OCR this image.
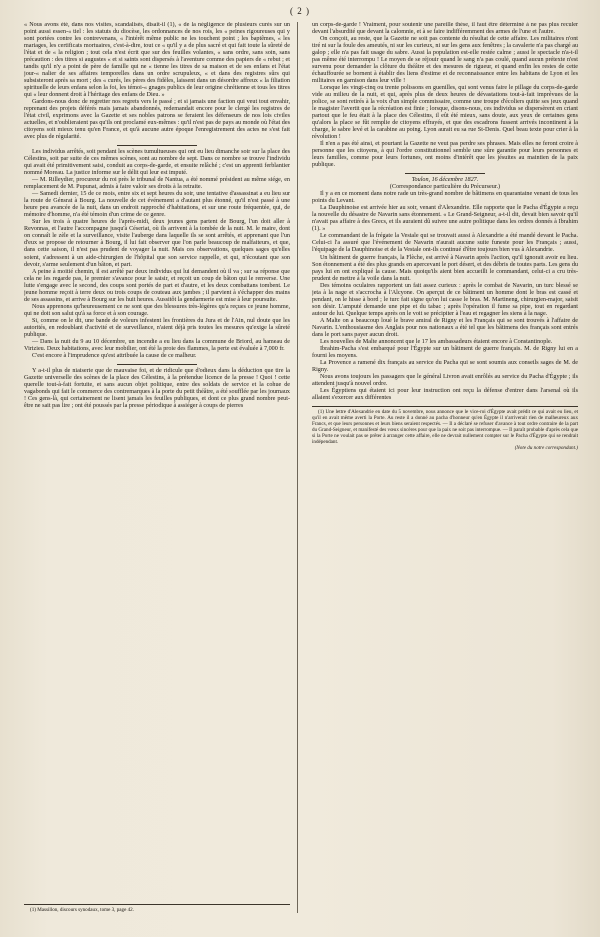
( 2 )

« Nous avons été, dans nos visites, scandalisés, disait-il (1), « de la négligence de plusieurs curés sur un point aussi essen-« tiel : les statuts du diocèse, les ordonnances de nos rois, les « peines rigoureuses qui y sont portées contre les contrevenans, « l'intérêt même public ne les touchent point ; les baptêmes, « les mariages, les certificats mortuaires, c'est-à-dire, tout ce « qu'il y a de plus sacré et qui fait toute la sûreté de l'état et de « la religion ; tout cela n'est écrit que sur des feuilles volantes, « sans ordre, sans soin, sans précaution : des titres si augustes « et si saints sont dispersés à l'aventure comme des papiers de « rebut ; et tandis qu'il n'y a point de père de famille qui ne « tienne les titres de sa maison et de ses enfans et l'état jour-« nalier de ses affaires temporelles dans un ordre scrupuleux, « et dans des registres sûrs qui subsisteront après sa mort ; des « curés, les pères des fidèles, laissent dans un désordre affreux « la filiation spirituelle de leurs enfans selon la foi, les témoi-« gnages publics de leur origine chrétienne et tous les titres qui « leur donnent droit à l'héritage des enfans de Dieu. »

Gardons-nous donc de regretter nos regrets vers le passé ; et si jamais une faction qui veut tout envahir, reprenant des projets déférés mais jamais abandonnés, redemandait encore pour le clergé les registres de l'état civil, exprimons avec la Gazette et ses nobles patrons se feraient les défenseurs de nos lois civiles actuelles, et n'oublieraient pas qu'ils ont proclamé eux-mêmes : qu'il n'est pas de pays au monde où l'état des citoyens soit mieux tenu qu'en France, et qu'à aucune autre époque l'enregistrement des actes ne s'est fait avec plus de régularité.

Les individus arrêtés, soit pendant les scènes tumultueuses qui ont eu lieu dimanche soir sur la place des Célestins, soit par suite de ces mêmes scènes, sont au nombre de sept. Dans ce nombre se trouve l'individu qui avait été primitivement saisi, conduit au corps-de-garde, et ensuite relâché ; c'est un apprenti ferblantier nommé Moreau. La justice informe sur le délit qui leur est imputé.

— M. Rilleydier, procureur du roi près le tribunal de Nantua, a été nommé président au même siége, en remplacement de M. Pupunat, admis à faire valoir ses droits à la retraite.

— Samedi dernier, 15 de ce mois, entre six et sept heures du soir, une tentative d'assassinat a eu lieu sur la route de Génsrat à Bourg. La nouvelle de cet événement a d'autant plus étonné, qu'il n'est passé à une heure peu avancée de la nuit, dans un endroit rapproché d'habitations, et sur une route fréquentée, qui, de mémoire d'homme, n'a été témoin d'un crime de ce genre.

Sur les trois à quatre heures de l'après-midi, deux jeunes gens partent de Bourg, l'un doit aller à Revonnas, et l'autre l'accompagne jusqu'à Céseriat, où ils arrivent à la tombée de la nuit. M. le maire, dont on connaît le zèle et la surveillance, visite l'auberge dans laquelle ils se sont arrêtés, et apprenant que l'un d'eux se propose de retourner à Bourg, il lui fait observer que l'on parle beaucoup de malfaiteurs, et que, dans cette saison, il n'est pas prudent de voyager la nuit. Mais ces observations, quelques sages qu'elles soient, s'adressent à un aide-chirurgien de l'hôpital que son service rappelle, et qui, n'écoutant que son devoir, s'arme seulement d'un bâton, et part.

A peine à moitié chemin, il est arrêté par deux individus qui lui demandent où il va ; sur sa réponse que cela ne les regarde pas, le premier s'avance pour le saisir, et reçoit un coup de bâton qui le renverse. Une lutte s'engage avec le second, des coups sont portés de part et d'autre, et les deux combattans tombent. Le jeune homme reçoit à terre deux ou trois coups de couteau aux jambes ; il parvient à s'échapper des mains de ses assassins, et arrive à Bourg sur les huit heures. Aussitôt la gendarmerie est mise à leur poursuite.

Nous apprenons qu'heureusement ce ne sont que des blessures très-légères qu'a reçues ce jeune homme, qui ne doit son salut qu'à sa force et à son courage.

Si, comme on le dit, une bande de voleurs infestent les frontières du Jura et de l'Ain, nul doute que les autorités, en redoublant d'activité et de surveillance, n'aient déjà pris toutes les mesures qu'exige la sûreté publique.

— Dans la nuit du 9 au 10 décembre, un incendie a eu lieu dans la commune de Briord, au hameau de Virizieu. Deux habitations, avec leur mobilier, ont été la proie des flammes, la perte est évaluée à 7,000 fr.

C'est encore à l'imprudence qu'est attribuée la cause de ce malheur.

Y a-t-il plus de niaiserie que de mauvaise foi, et de ridicule que d'odieux dans la déduction que tire la Gazette universelle des scènes de la place des Célestins, à la prétendue licence de la presse ! Quoi ! cette querelle tout-à-fait fortuite, et sans aucun objet politique, entre des soldats de service et la cohue de vagabonds qui fait le commerce des contremarques à la porte du petit théâtre, a été soufflée par les journaux ! Ces gens-là, qui certainement ne lisent jamais les feuilles publiques, et dont ce plus grand nombre peut-être ne sait pas lire ; ont été poussés par la presse périodique à assiéger à coups de pierres

(1) Massillon, discours synodaux, tome 3, page 42.

un corps-de-garde ! Vraiment, pour soutenir une pareille thèse, il faut être déterminé à ne pas plus reculer devant l'absurdité que devant la calomnie, et à se faire indifféremment des armes de l'une et l'autre.

On conçoit, au reste, que la Gazette ne soit pas contente du résultat de cette affaire. Les militaires n'ont tiré ni sur la foule des ameutés, ni sur les curieux, ni sur les gens aux fenêtres ; la cavalerie n'a pas chargé au galop ; elle n'a pas fait usage du sabre. Aussi la population est-elle restée calme ; aussi le spectacle n'a-t-il pas même été interrompu ! Le moyen de se réjouir quand le sang n'a pas coulé, quand aucun prétexte n'est survenu pour demander la clôture du théâtre et des mesures de rigueur, et quand enfin les restes de cette échauffourée se bornent à établir des liens d'estime et de reconnaissance entre les habitans de Lyon et les militaires en garnison dans leur ville !

Lorsque les vingt-cinq ou trente polissons en guenilles, qui sont venus faire le pillage du corps-de-garde vide au milieu de la nuit, et qui, après plus de deux heures de dévastations tout-à-fait imprévues de la police, se sont retirés à la voix d'un simple commissaire, comme une troupe d'écoliers quitte ses jeux quand le magister l'avertit que la récréation est finie ; lorsque, disons-nous, ces individus se dispersèrent en criant partout que le feu était à la place des Célestins, il eût été mieux, sans doute, aux yeux de certaines gens qu'alors la place se fût remplie de citoyens effrayés, et que des escadrons fussent arrivés incontinent à la charge, le sabre levé et la carabine au poing. Lyon aurait eu sa rue St-Denis. Quel beau texte pour crier à la révolution !

Il n'en a pas été ainsi, et pourtant la Gazette ne veut pas perdre ses phrases. Mais elles ne feront croire à personne que les citoyens, à qui l'ordre constitutionnel semble une sûre garantie pour leurs personnes et leurs familles, comme pour leurs fortunes, ont moins d'intérêt que les jésuites au maintien de la paix publique.

Toulon, 16 décembre 1827.

(Correspondance particulière du Précurseur.)

Il y a en ce moment dans notre rade un très-grand nombre de bâtimens en quarantaine venant de tous les points du Levant.

La Dauphinoise est arrivée hier au soir, venant d'Alexandrie. Elle rapporte que le Pacha d'Égypte a reçu la nouvelle du désastre de Navarin sans étonnement. « Le Grand-Seigneur, a-t-il dit, devait bien savoir qu'il n'avait pas affaire à des Grecs, et ils auraient dû suivre une autre politique dans les ordres donnés à Ibrahim (1). »

Le commandant de la frégate la Vestale qui se trouvait aussi à Alexandrie a été mandé devant le Pacha. Celui-ci l'a assuré que l'événement de Navarin n'aurait aucune suite funeste pour les Français ; aussi, l'équipage de la Dauphinoise et de la Vestale ont-ils continué d'être toujours bien vus à Alexandrie.

Un bâtiment de guerre français, la Flèche, est arrivé à Navarin après l'action, qu'il ignorait avoir eu lieu. Son étonnement a été des plus grands en apercevant le port désert, et des débris de toutes parts. Les gens du pays lui en ont expliqué la cause. Mais quoiqu'ils aient bien accueilli le commandant, celui-ci a cru très-prudent de mettre à la voile dans la nuit.

Des témoins oculaires rapportent un fait assez curieux : après le combat de Navarin, un turc blessé se jeta à la nage et s'accrocha à l'Alcyone. On aperçut de ce bâtiment un homme dont le bras est cassé et pendant, on le hisse à bord ; le turc fait signe qu'on lui casse le bras. M. Martineng, chirurgien-major, saisit son désir. L'amputé demande une pipe et du tabac ; après l'opération il fume sa pipe, tout en regardant autour de lui. Quelque temps après on le voit se précipiter à l'eau et regagner les siens à la nage.

A Malte on a beaucoup loué le brave amiral de Rigny et les Français qui se sont trouvés à l'affaire de Navarin. L'enthousiasme des Anglais pour nos nationaux a été tel que les bâtimens des français sont entrés dans le port sans payer aucun droit.

Les nouvelles de Malte annoncent que le 17 les ambassadeurs étaient encore à Constantinople.

Ibrahim-Pacha s'est embarqué pour l'Égypte sur un bâtiment de guerre français. M. de Rigny lui en a fourni les moyens.

La Provence a ramené dix français au service du Pacha qui se sont soumis aux conseils sages de M. de Rigny.

Nous avons toujours les passagers que le général Livron avait enrôlés au service du Pacha d'Égypte ; ils attendent jusqu'à nouvel ordre.

Les Égyptiens qui étaient ici pour leur instruction ont reçu la défense d'entrer dans l'arsenal où ils allaient s'exercer aux différentes

(1) Une lettre d'Alexandrie en date du 5 novembre, nous annonce que le vice-roi d'Égypte avait prédit ce qui avait eu lieu, et qu'il en avait même averti la Porte. Au reste il a donné au pacha d'honneur qu'en Égypte il n'arriverait rien de malheureux aux Francs, et que leurs personnes et leurs biens seraient respectés. — Il a déclaré se refuser d'avance à tout ordre contraire de la part du Grand-Seigneur, et manifesté des vœux sincères pour que la paix ne soit pas interrompue. — Il paraît probable d'après cela que si la Porte ne voulait pas se prêter à arranger cette affaire, elle ne devrait nullement compter sur le Pacha d'Égypte qui se rendrait indépendant.

(Note du notre correspondant.)
